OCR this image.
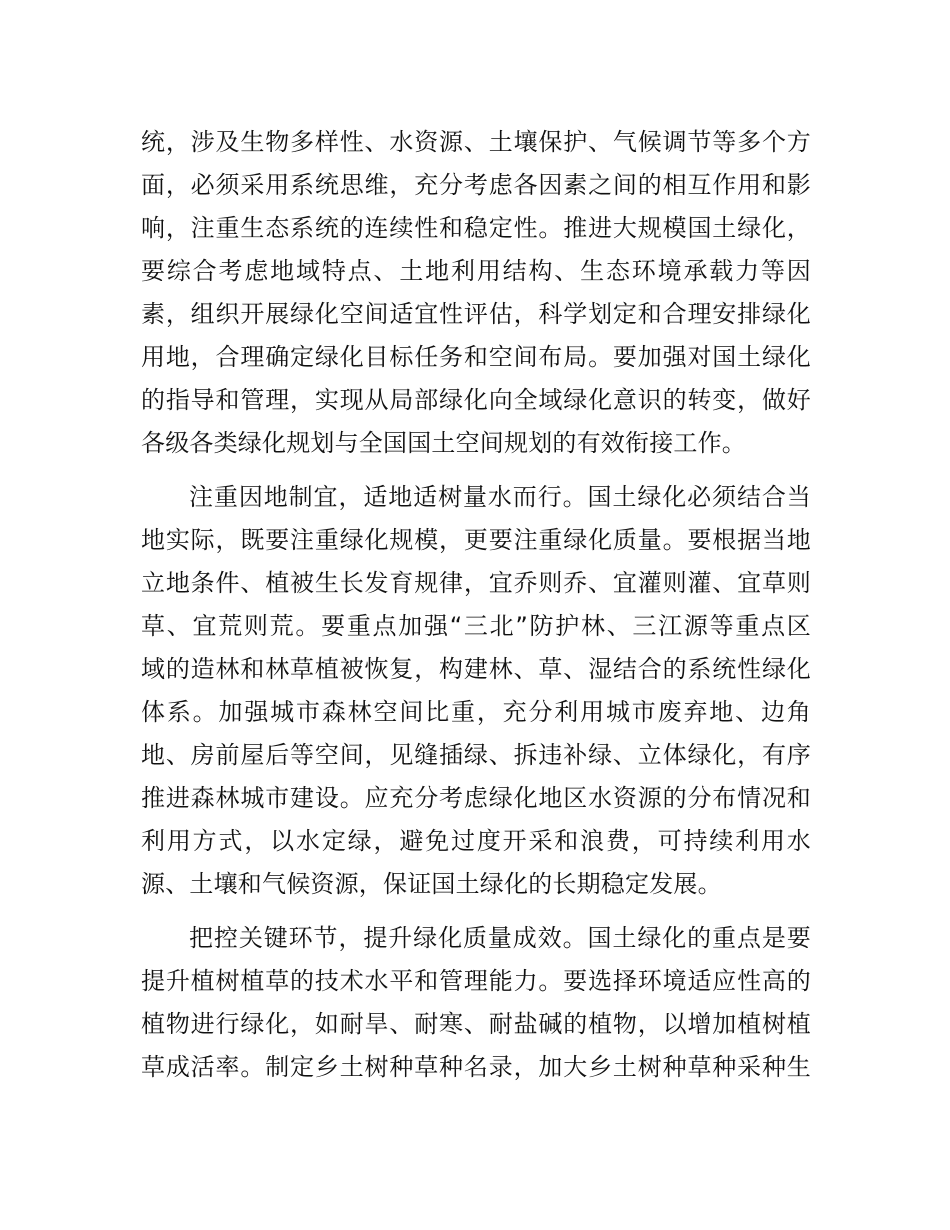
统，涉及生物多样性、水资源、土壤保护、气候调节等多个方
面，必须采用系统思维，充分考虑各因素之间的相互作用和影
响，注重生态系统的连续性和稳定性。推进大规模国土绿化，
要综合考虑地域特点、土地利用结构、生态环境承载力等因
素，组织开展绿化空间适宜性评估，科学划定和合理安排绿化
用地，合理确定绿化目标任务和空间布局。要加强对国土绿化
的指导和管理，实现从局部绿化向全域绿化意识的转变，做好
各级各类绿化规划与全国国土空间规划的有效衔接工作。
注重因地制宜，适地适树量水而行。国土绿化必须结合当
地实际，既要注重绿化规模，更要注重绿化质量。要根据当地
立地条件、植被生长发育规律，宜乔则乔、宜灌则灌、宜草则
草、宜荒则荒。要重点加强“三北”防护林、三江源等重点区
域的造林和林草植被恢复，构建林、草、湿结合的系统性绿化
体系。加强城市森林空间比重，充分利用城市废弃地、边角
地、房前屋后等空间，见缝插绿、拆违补绿、立体绿化，有序
推进森林城市建设。应充分考虑绿化地区水资源的分布情况和
利用方式，以水定绿，避免过度开采和浪费，可持续利用水
源、土壤和气候资源，保证国土绿化的长期稳定发展。
把控关键环节，提升绿化质量成效。国土绿化的重点是要
提升植树植草的技术水平和管理能力。要选择环境适应性高的
植物进行绿化，如耐旱、耐寒、耐盐碱的植物，以增加植树植
草成活率。制定乡土树种草种名录，加大乡土树种草种采种生
